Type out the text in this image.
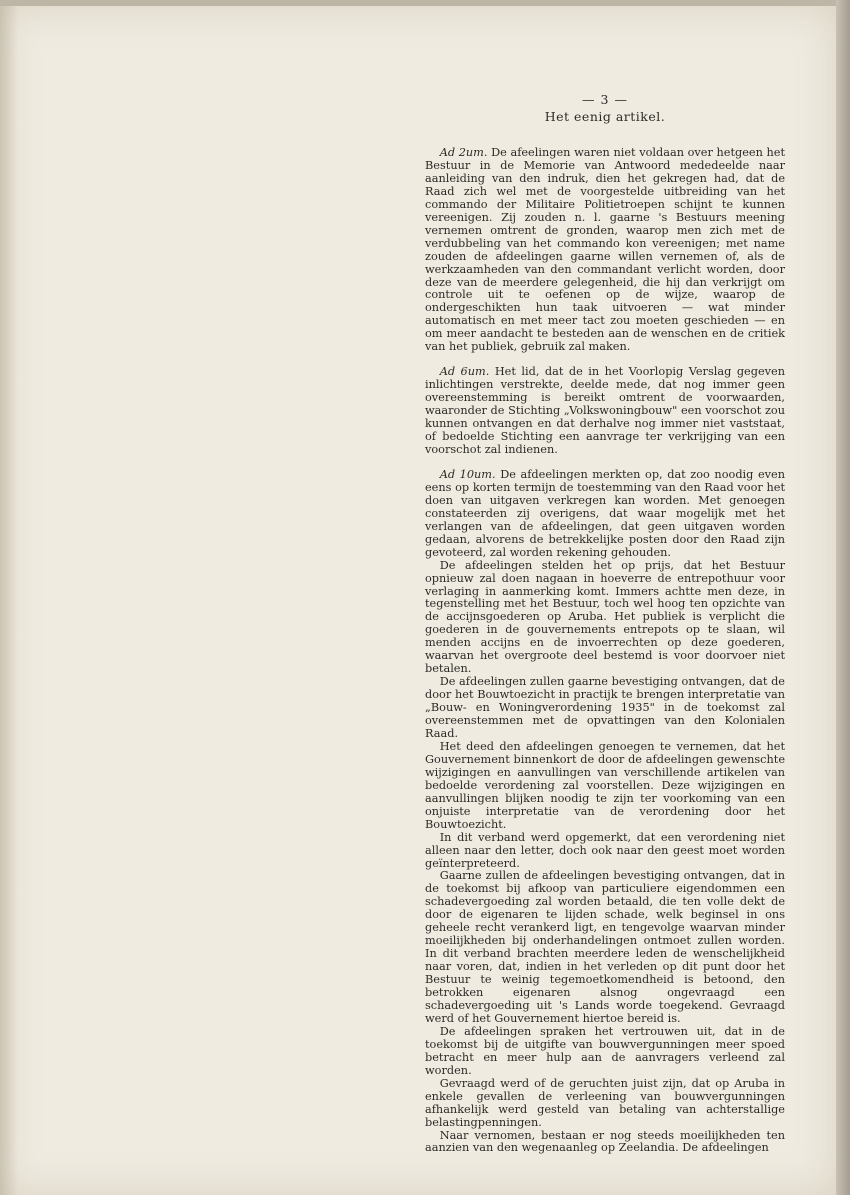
— 3 —
Het eenig artikel.

Ad 2um. De afeelingen waren niet voldaan over hetgeen het Bestuur in de Memorie van Antwoord mededeelde naar aanleiding van den indruk, dien het gekregen had, dat de Raad zich wel met de voorgestelde uitbreiding van het commando der Militaire Politietroepen schijnt te kunnen vereenigen. Zij zouden n. l. gaarne 's Bestuurs meening vernemen omtrent de gronden, waarop men zich met de verdubbeling van het commando kon vereenigen; met name zouden de afdeelingen gaarne willen vernemen of, als de werkzaamheden van den commandant verlicht worden, door deze van de meerdere gelegenheid, die hij dan verkrijgt om controle uit te oefenen op de wijze, waarop de ondergeschikten hun taak uitvoeren — wat minder automatisch en met meer tact zou moeten geschieden — en om meer aandacht te besteden aan de wenschen en de critiek van het publiek, gebruik zal maken.

Ad 6um. Het lid, dat de in het Voorlopig Verslag gegeven inlichtingen verstrekte, deelde mede, dat nog immer geen overeenstemming is bereikt omtrent de voorwaarden, waaronder de Stichting „Volkswoningbouw" een voorschot zou kunnen ontvangen en dat derhalve nog immer niet vaststaat, of bedoelde Stichting een aanvrage ter verkrijging van een voorschot zal indienen.

Ad 10um. De afdeelingen merkten op, dat zoo noodig even eens op korten termijn de toestemming van den Raad voor het doen van uitgaven verkregen kan worden. Met genoegen constateerden zij overigens, dat waar mogelijk met het verlangen van de afdeelingen, dat geen uitgaven worden gedaan, alvorens de betrekkelijke posten door den Raad zijn gevoteerd, zal worden rekening gehouden.

De afdeelingen stelden het op prijs, dat het Bestuur opnieuw zal doen nagaan in hoeverre de entrepothuur voor verlaging in aanmerking komt. Immers achtte men deze, in tegenstelling met het Bestuur, toch wel hoog ten opzichte van de accijnsgoederen op Aruba. Het publiek is verplicht die goederen in de gouvernements entrepots op te slaan, wil menden accijns en de invoerrechten op deze goederen, waarvan het overgroote deel bestemd is voor doorvoer niet betalen.

De afdeelingen zullen gaarne bevestiging ontvangen, dat de door het Bouwtoezicht in practijk te brengen interpretatie van „Bouw- en Woningverordening 1935" in de toekomst zal overeenstemmen met de opvattingen van den Kolonialen Raad.

Het deed den afdeelingen genoegen te vernemen, dat het Gouvernement binnenkort de door de afdeelingen gewenschte wijzigingen en aanvullingen van verschillende artikelen van bedoelde verordening zal voorstellen. Deze wijzigingen en aanvullingen blijken noodig te zijn ter voorkoming van een onjuiste interpretatie van de verordening door het Bouwtoezicht.

In dit verband werd opgemerkt, dat een verordening niet alleen naar den letter, doch ook naar den geest moet worden geïnterpreteerd.

Gaarne zullen de afdeelingen bevestiging ontvangen, dat in de toekomst bij afkoop van particuliere eigendommen een schadevergoeding zal worden betaald, die ten volle dekt de door de eigenaren te lijden schade, welk beginsel in ons geheele recht verankerd ligt, en tengevolge waarvan minder moeilijkheden bij onderhandelingen ontmoet zullen worden. In dit verband brachten meerdere leden de wenschelijkheid naar voren, dat, indien in het verleden op dit punt door het Bestuur te weinig tegemoetkomendheid is betoond, den betrokken eigenaren alsnog ongevraagd een schadevergoeding uit 's Lands worde toegekend. Gevraagd werd of het Gouvernement hiertoe bereid is.

De afdeelingen spraken het vertrouwen uit, dat in de toekomst bij de uitgifte van bouwvergunningen meer spoed betracht en meer hulp aan de aanvragers verleend zal worden.

Gevraagd werd of de geruchten juist zijn, dat op Aruba in enkele gevallen de verleening van bouwvergunningen afhankelijk werd gesteld van betaling van achterstallige belastingpenningen.

Naar vernomen, bestaan er nog steeds moeilijkheden ten aanzien van den wegenaanleg op Zeelandia. De afdeelingen
